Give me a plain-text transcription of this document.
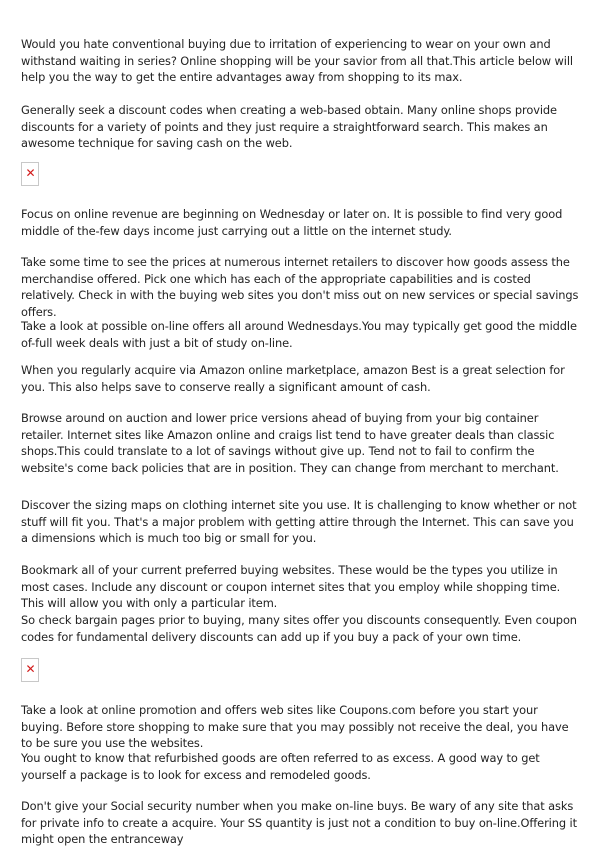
Would you hate conventional buying due to irritation of experiencing to wear on your own and withstand waiting in series? Online shopping will be your savior from all that.This article below will help you the way to get the entire advantages away from shopping to its max.

Generally seek a discount codes when creating a web-based obtain. Many online shops provide discounts for a variety of points and they just require a straightforward search. This makes an awesome technique for saving cash on the web.

✕

Focus on online revenue are beginning on Wednesday or later on. It is possible to find very good middle of the-few days income just carrying out a little on the internet study.

Take some time to see the prices at numerous internet retailers to discover how goods assess the merchandise offered. Pick one which has each of the appropriate capabilities and is costed relatively. Check in with the buying web sites you don't miss out on new services or special savings offers.

Take a look at possible on-line offers all around Wednesdays.You may typically get good the middle of-full week deals with just a bit of study on-line.

When you regularly acquire via Amazon online marketplace, amazon Best is a great selection for you. This also helps save to conserve really a significant amount of cash.

Browse around on auction and lower price versions ahead of buying from your big container retailer. Internet sites like Amazon online and craigs list tend to have greater deals than classic shops.This could translate to a lot of savings without give up. Tend not to fail to confirm the website's come back policies that are in position. They can change from merchant to merchant.

Discover the sizing maps on clothing internet site you use. It is challenging to know whether or not stuff will fit you. That's a major problem with getting attire through the Internet. This can save you a dimensions which is much too big or small for you.

Bookmark all of your current preferred buying websites. These would be the types you utilize in most cases. Include any discount or coupon internet sites that you employ while shopping time. This will allow you with only a particular item.

So check bargain pages prior to buying, many sites offer you discounts consequently. Even coupon codes for fundamental delivery discounts can add up if you buy a pack of your own time.

✕

Take a look at online promotion and offers web sites like Coupons.com before you start your buying. Before store shopping to make sure that you may possibly not receive the deal, you have to be sure you use the websites.

You ought to know that refurbished goods are often referred to as excess. A good way to get yourself a package is to look for excess and remodeled goods.

Don't give your Social security number when you make on-line buys. Be wary of any site that asks for private info to create a acquire. Your SS quantity is just not a condition to buy on-line.Offering it might open the entranceway
